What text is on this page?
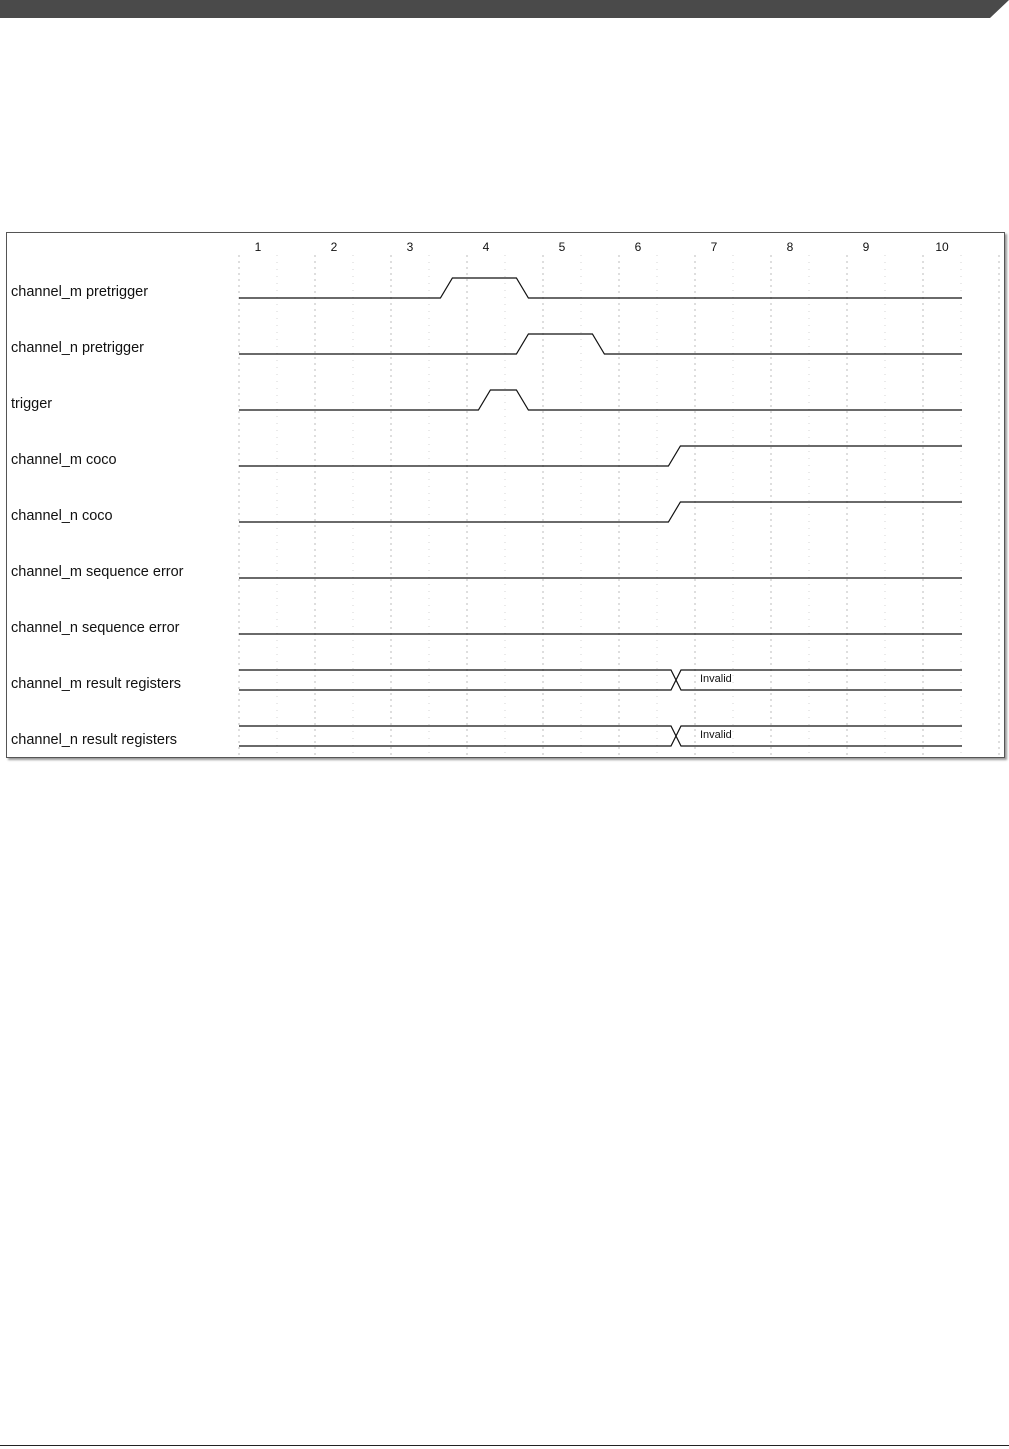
1	2	3	4	5	6	7	8	9	10
Invalid
Invalid
channel_m pretrigger
channel_n pretrigger
trigger
channel_m coco
channel_n coco
channel_m sequence error
channel_n sequence error
channel_m result registers
channel_n result registers
